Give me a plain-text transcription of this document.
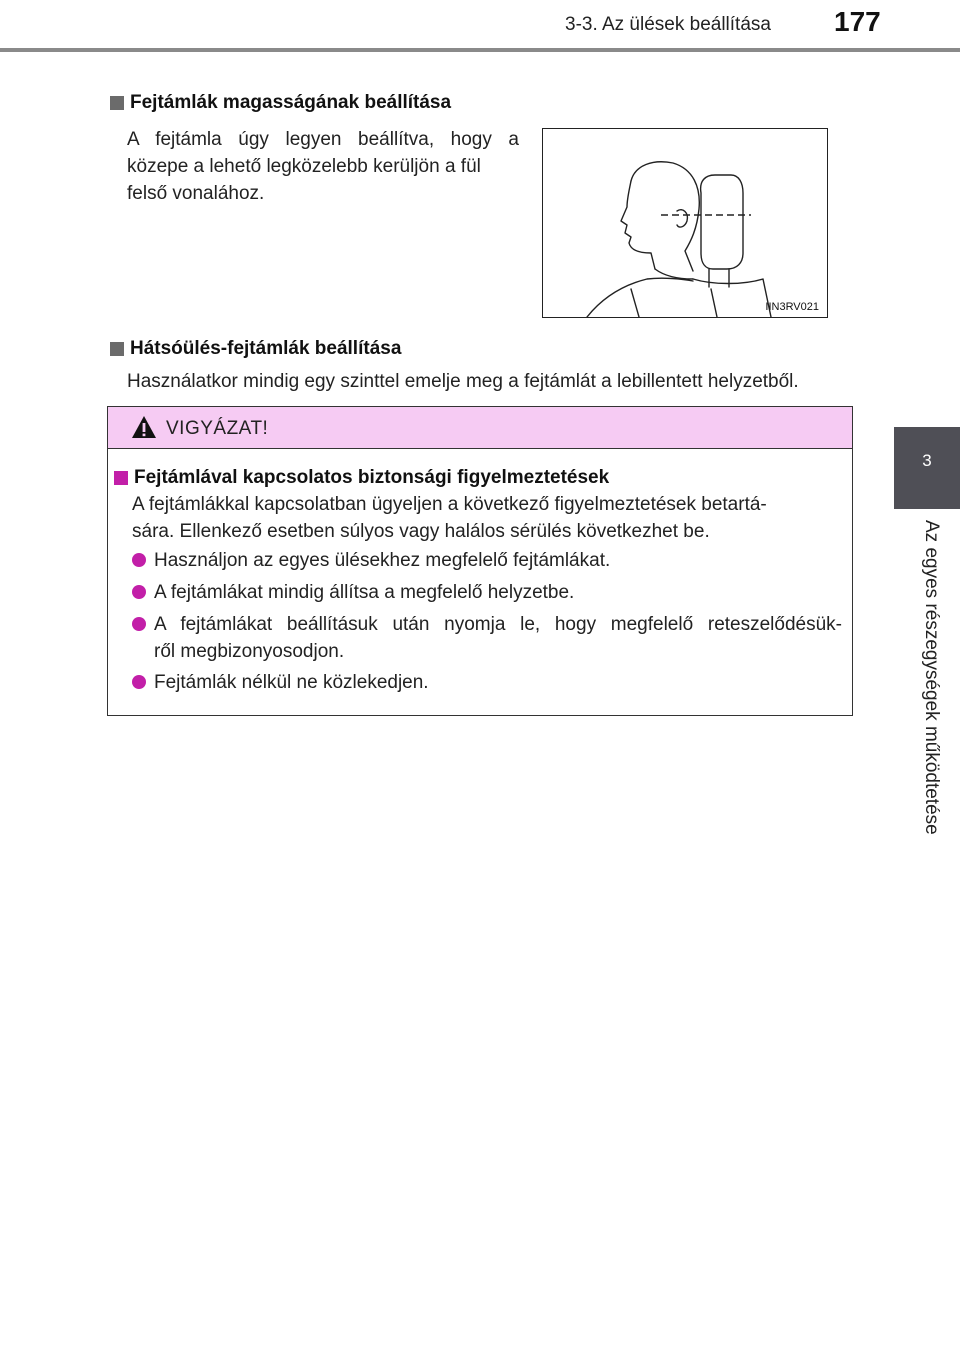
3-3. Az ülések beállítása 177
3
Az egyes részegységek működtetése
Fejtámlák magasságának beállítása
A fejtámla úgy legyen beállítva, hogy a
közepe a lehető legközelebb kerüljön a fül
felső vonalához.
IIN3RV021
Hátsóülés-fejtámlák beállítása
Használatkor mindig egy szinttel emelje meg a fejtámlát a lebillentett helyzetből.
VIGYÁZAT!
Fejtámlával kapcsolatos biztonsági figyelmeztetések
A fejtámlákkal kapcsolatban ügyeljen a következő figyelmeztetések betartá-
sára. Ellenkező esetben súlyos vagy halálos sérülés következhet be.
Használjon az egyes ülésekhez megfelelő fejtámlákat.
A fejtámlákat mindig állítsa a megfelelő helyzetbe.
A fejtámlákat beállításuk után nyomja le, hogy megfelelő reteszelődésük-
ről megbizonyosodjon.
Fejtámlák nélkül ne közlekedjen.
